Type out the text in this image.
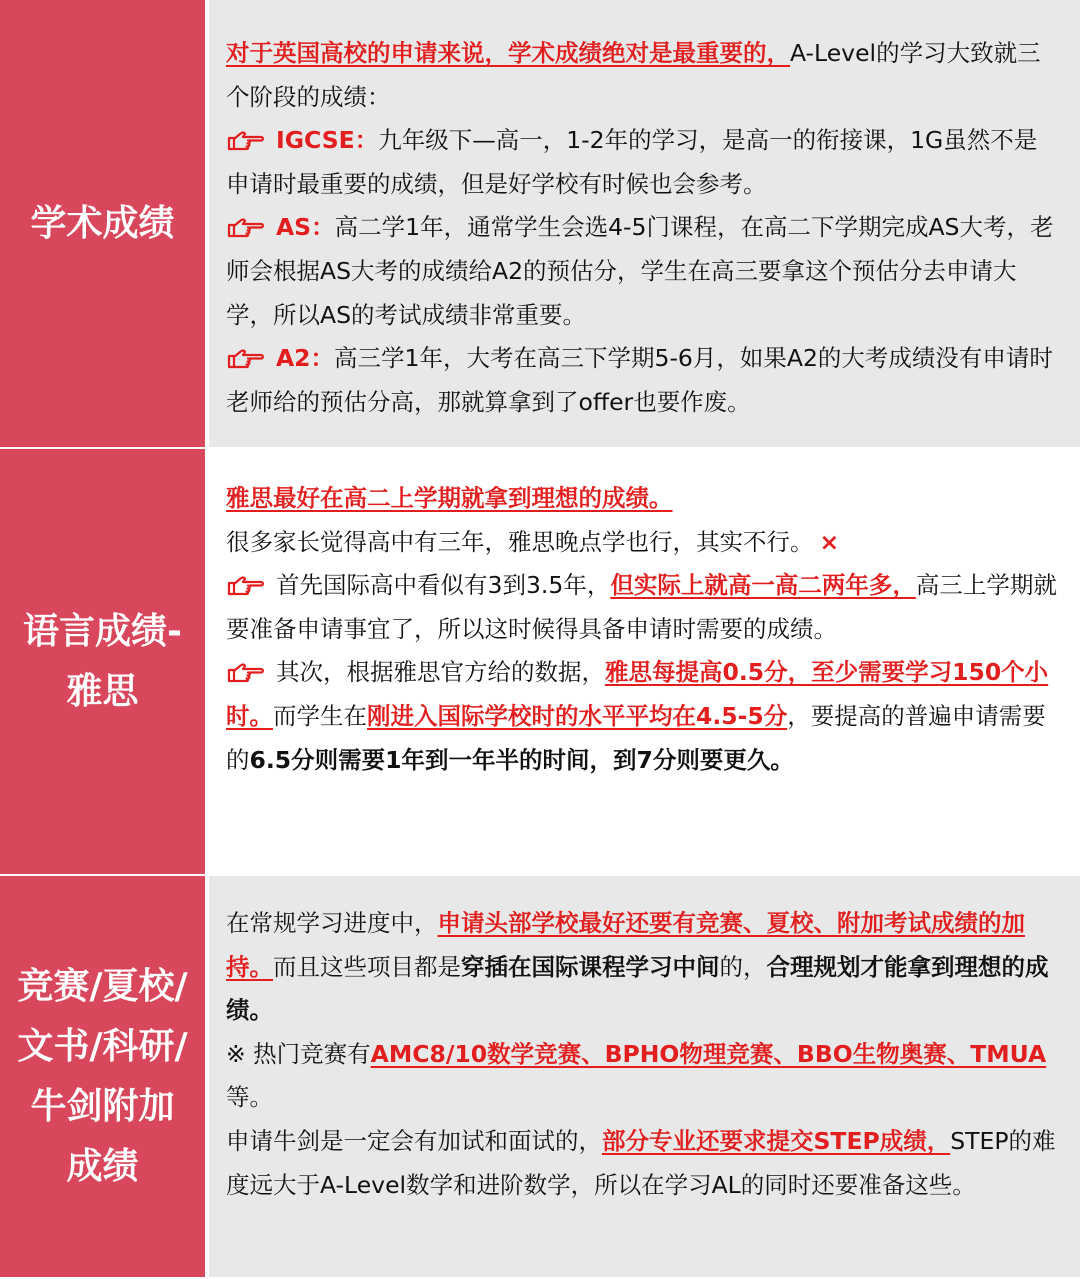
学术成绩

对于英国高校的申请来说，学术成绩绝对是最重要的，A-Level的学习大致就三个阶段的成绩：

IGCSE：九年级下—高一，1-2年的学习，是高一的衔接课，1G虽然不是申请时最重要的成绩，但是好学校有时候也会参考。

AS：高二学1年，通常学生会选4-5门课程，在高二下学期完成AS大考，老师会根据AS大考的成绩给A2的预估分，学生在高三要拿这个预估分去申请大学，所以AS的考试成绩非常重要。

A2：高三学1年，大考在高三下学期5-6月，如果A2的大考成绩没有申请时老师给的预估分高，那就算拿到了offer也要作废。

语言成绩-雅思

雅思最好在高二上学期就拿到理想的成绩。

很多家长觉得高中有三年，雅思晚点学也行，其实不行。 ×

首先国际高中看似有3到3.5年，但实际上就高一高二两年多，高三上学期就要准备申请事宜了，所以这时候得具备申请时需要的成绩。

其次，根据雅思官方给的数据，雅思每提高0.5分，至少需要学习150个小时。而学生在刚进入国际学校时的水平平均在4.5-5分，要提高的普遍申请需要的6.5分则需要1年到一年半的时间，到7分则要更久。

竞赛/夏校/文书/科研/牛剑附加成绩

在常规学习进度中，申请头部学校最好还要有竞赛、夏校、附加考试成绩的加持。而且这些项目都是穿插在国际课程学习中间的，合理规划才能拿到理想的成绩。

※ 热门竞赛有AMC8/10数学竞赛、BPHO物理竞赛、BBO生物奥赛、TMUA等。

申请牛剑是一定会有加试和面试的，部分专业还要求提交STEP成绩，STEP的难度远大于A-Level数学和进阶数学，所以在学习AL的同时还要准备这些。
